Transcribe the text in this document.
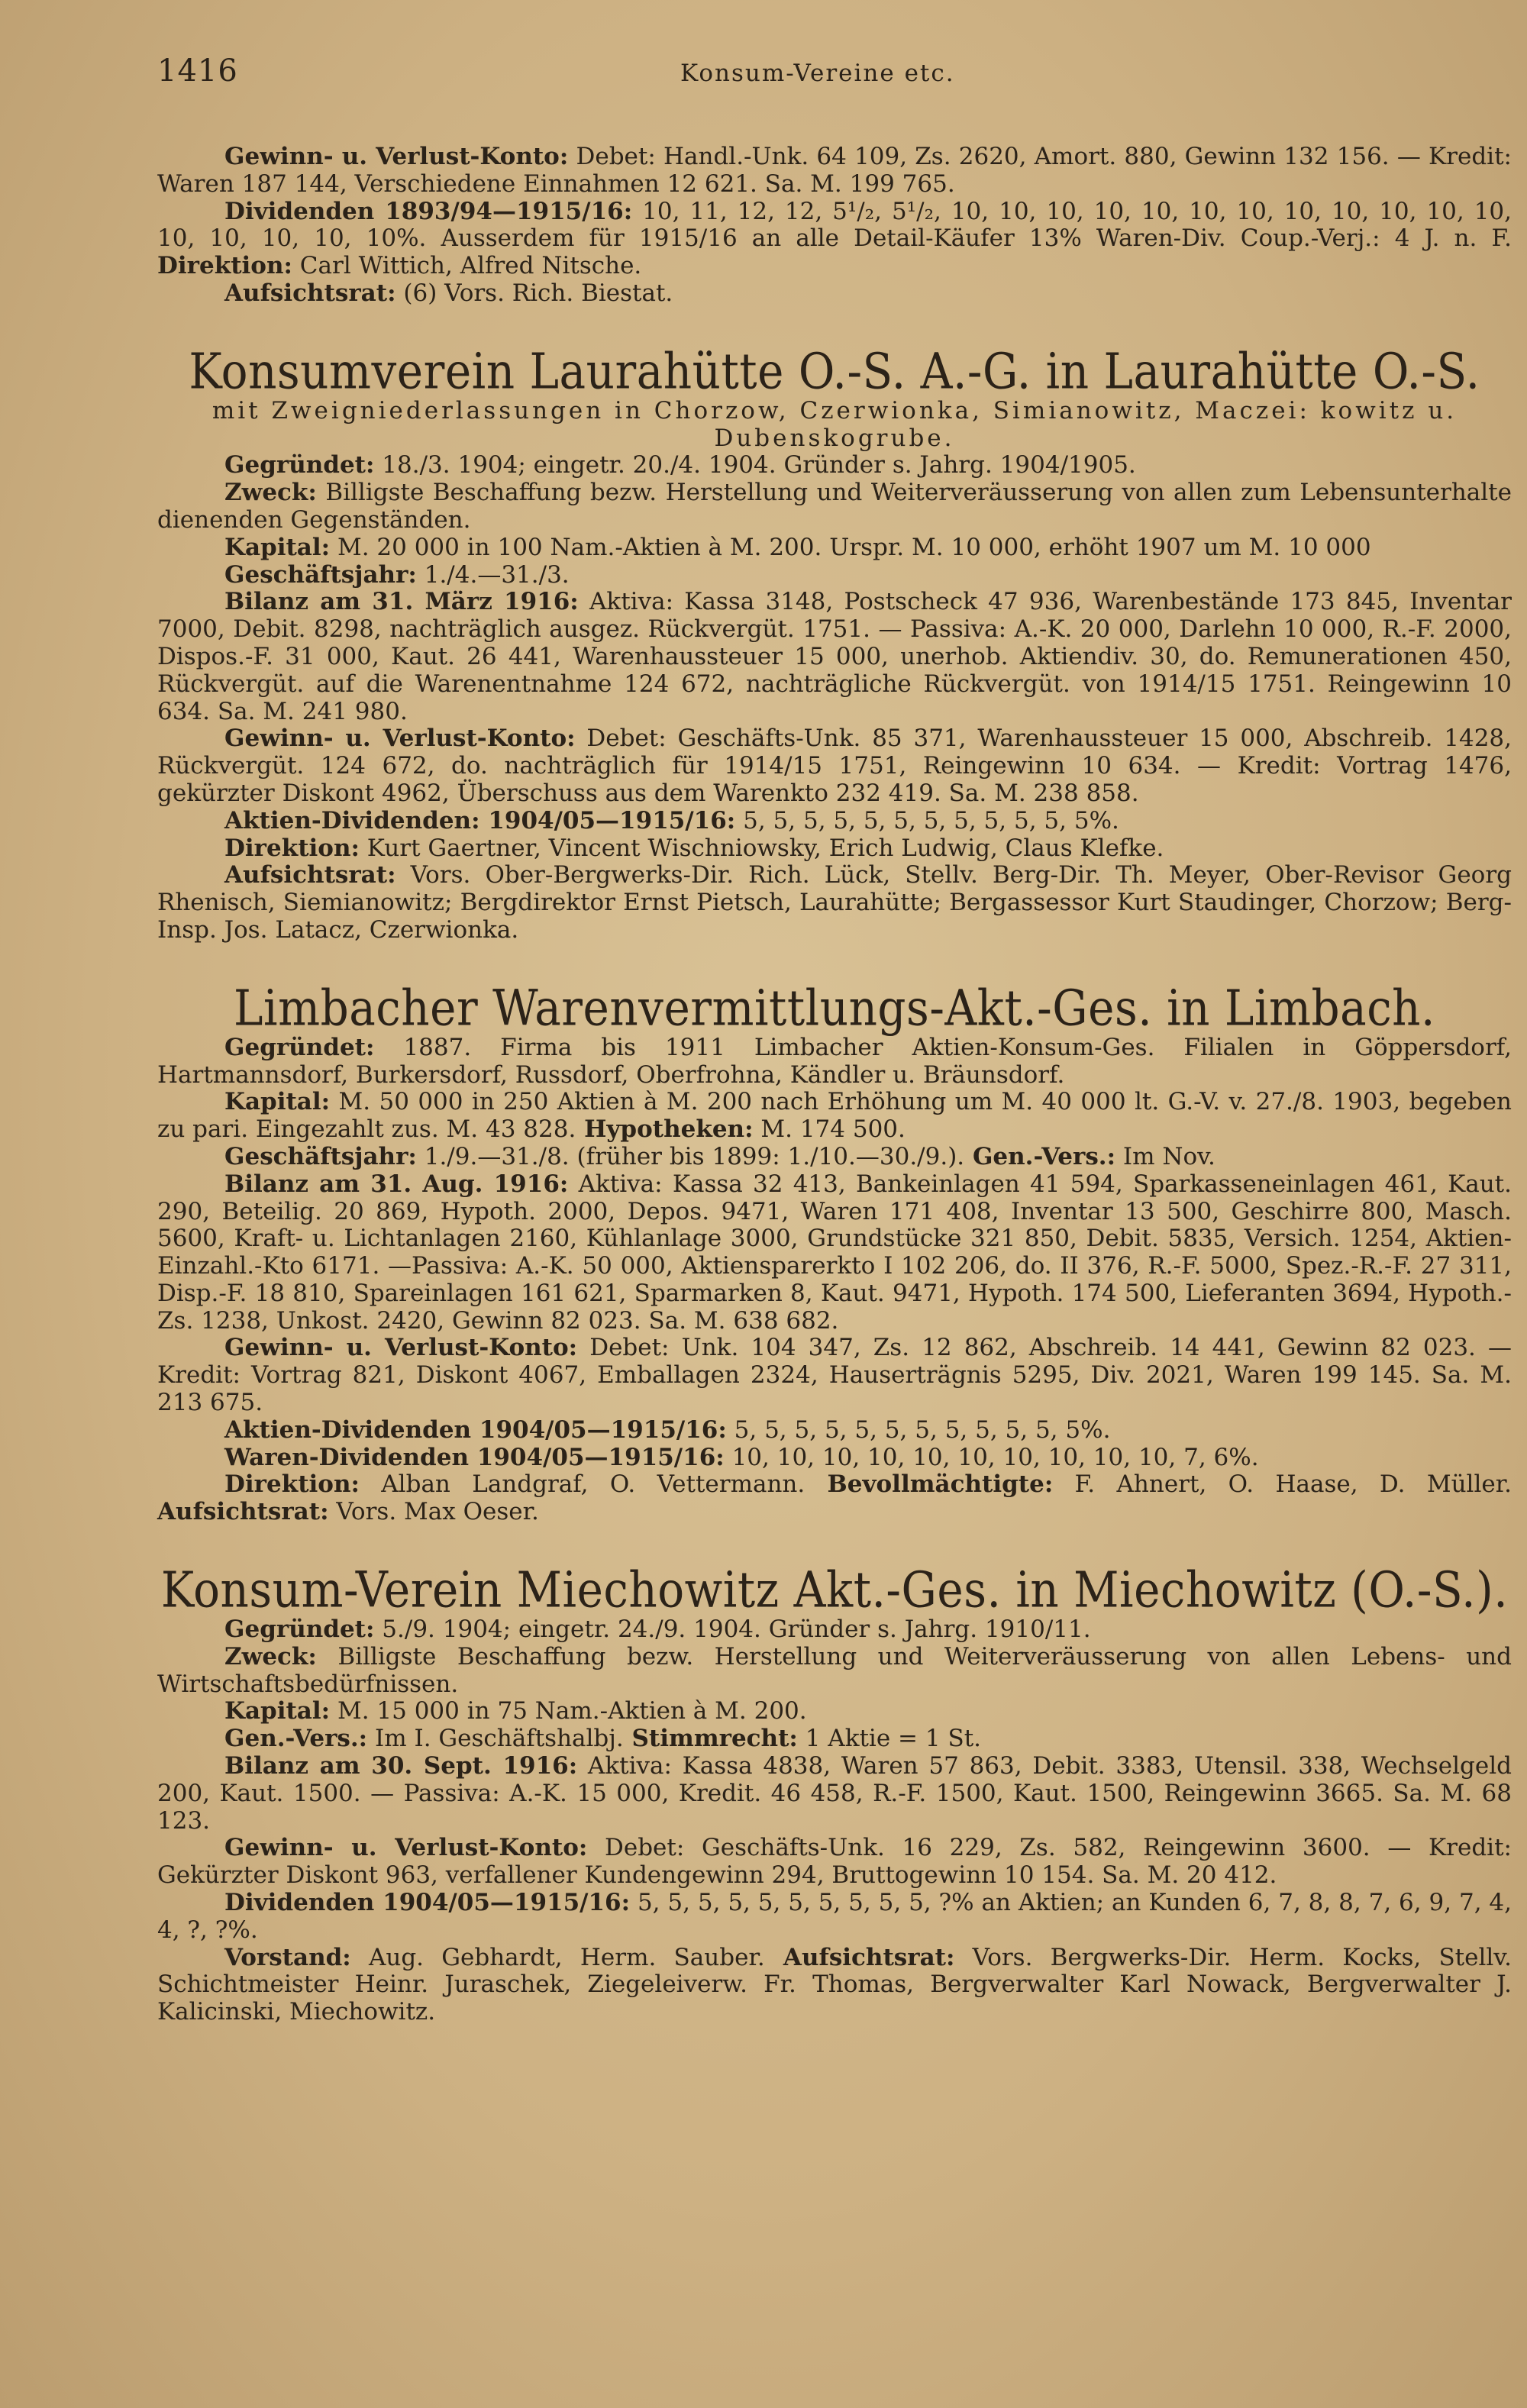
1416	Konsum-Vereine etc.

Gewinn- u. Verlust-Konto: Debet: Handl.-Unk. 64 109, Zs. 2620, Amort. 880, Gewinn 132 156. — Kredit: Waren 187 144, Verschiedene Einnahmen 12 621. Sa. M. 199 765.

Dividenden 1893/94—1915/16: 10, 11, 12, 12, 5¹/₂, 5¹/₂, 10, 10, 10, 10, 10, 10, 10, 10, 10, 10, 10, 10, 10, 10, 10, 10, 10%. Ausserdem für 1915/16 an alle Detail-Käufer 13% Waren-Div. Coup.-Verj.: 4 J. n. F. Direktion: Carl Wittich, Alfred Nitsche.

Aufsichtsrat: (6) Vors. Rich. Biestat.

Konsumverein Laurahütte O.-S. A.-G. in Laurahütte O.-S.
mit Zweigniederlassungen in Chorzow, Czerwionka, Simianowitz, Maczei: kowitz u. Dubenskogrube.

Gegründet: 18./3. 1904; eingetr. 20./4. 1904. Gründer s. Jahrg. 1904/1905.

Zweck: Billigste Beschaffung bezw. Herstellung und Weiterveräusserung von allen zum Lebensunterhalte dienenden Gegenständen.

Kapital: M. 20 000 in 100 Nam.-Aktien à M. 200. Urspr. M. 10 000, erhöht 1907 um M. 10 000

Geschäftsjahr: 1./4.—31./3.

Bilanz am 31. März 1916: Aktiva: Kassa 3148, Postscheck 47 936, Warenbestände 173 845, Inventar 7000, Debit. 8298, nachträglich ausgez. Rückvergüt. 1751. — Passiva: A.-K. 20 000, Darlehn 10 000, R.-F. 2000, Dispos.-F. 31 000, Kaut. 26 441, Warenhaussteuer 15 000, unerhob. Aktiendiv. 30, do. Remunerationen 450, Rückvergüt. auf die Warenentnahme 124 672, nachträgliche Rückvergüt. von 1914/15 1751. Reingewinn 10 634. Sa. M. 241 980.

Gewinn- u. Verlust-Konto: Debet: Geschäfts-Unk. 85 371, Warenhaussteuer 15 000, Abschreib. 1428, Rückvergüt. 124 672, do. nachträglich für 1914/15 1751, Reingewinn 10 634. — Kredit: Vortrag 1476, gekürzter Diskont 4962, Überschuss aus dem Warenkto 232 419. Sa. M. 238 858.

Aktien-Dividenden: 1904/05—1915/16: 5, 5, 5, 5, 5, 5, 5, 5, 5, 5, 5, 5%.

Direktion: Kurt Gaertner, Vincent Wischniowsky, Erich Ludwig, Claus Klefke.

Aufsichtsrat: Vors. Ober-Bergwerks-Dir. Rich. Lück, Stellv. Berg-Dir. Th. Meyer, Ober-Revisor Georg Rhenisch, Siemianowitz; Bergdirektor Ernst Pietsch, Laurahütte; Bergassessor Kurt Staudinger, Chorzow; Berg-Insp. Jos. Latacz, Czerwionka.

Limbacher Warenvermittlungs-Akt.-Ges. in Limbach.

Gegründet: 1887. Firma bis 1911 Limbacher Aktien-Konsum-Ges. Filialen in Göppersdorf, Hartmannsdorf, Burkersdorf, Russdorf, Oberfrohna, Kändler u. Bräunsdorf.

Kapital: M. 50 000 in 250 Aktien à M. 200 nach Erhöhung um M. 40 000 lt. G.-V. v. 27./8. 1903, begeben zu pari. Eingezahlt zus. M. 43 828. Hypotheken: M. 174 500.

Geschäftsjahr: 1./9.—31./8. (früher bis 1899: 1./10.—30./9.). Gen.-Vers.: Im Nov.

Bilanz am 31. Aug. 1916: Aktiva: Kassa 32 413, Bankeinlagen 41 594, Sparkasseneinlagen 461, Kaut. 290, Beteilig. 20 869, Hypoth. 2000, Depos. 9471, Waren 171 408, Inventar 13 500, Geschirre 800, Masch. 5600, Kraft- u. Lichtanlagen 2160, Kühlanlage 3000, Grundstücke 321 850, Debit. 5835, Versich. 1254, Aktien-Einzahl.-Kto 6171. —Passiva: A.-K. 50 000, Aktiensparerkto I 102 206, do. II 376, R.-F. 5000, Spez.-R.-F. 27 311, Disp.-F. 18 810, Spareinlagen 161 621, Sparmarken 8, Kaut. 9471, Hypoth. 174 500, Lieferanten 3694, Hypoth.-Zs. 1238, Unkost. 2420, Gewinn 82 023. Sa. M. 638 682.

Gewinn- u. Verlust-Konto: Debet: Unk. 104 347, Zs. 12 862, Abschreib. 14 441, Gewinn 82 023. — Kredit: Vortrag 821, Diskont 4067, Emballagen 2324, Hauserträgnis 5295, Div. 2021, Waren 199 145. Sa. M. 213 675.

Aktien-Dividenden 1904/05—1915/16: 5, 5, 5, 5, 5, 5, 5, 5, 5, 5, 5, 5%.

Waren-Dividenden 1904/05—1915/16: 10, 10, 10, 10, 10, 10, 10, 10, 10, 10, 7, 6%.

Direktion: Alban Landgraf, O. Vettermann. Bevollmächtigte: F. Ahnert, O. Haase, D. Müller. Aufsichtsrat: Vors. Max Oeser.

Konsum-Verein Miechowitz Akt.-Ges. in Miechowitz (O.-S.).

Gegründet: 5./9. 1904; eingetr. 24./9. 1904. Gründer s. Jahrg. 1910/11.

Zweck: Billigste Beschaffung bezw. Herstellung und Weiterveräusserung von allen Lebens- und Wirtschaftsbedürfnissen.

Kapital: M. 15 000 in 75 Nam.-Aktien à M. 200.

Gen.-Vers.: Im I. Geschäftshalbj. Stimmrecht: 1 Aktie = 1 St.

Bilanz am 30. Sept. 1916: Aktiva: Kassa 4838, Waren 57 863, Debit. 3383, Utensil. 338, Wechselgeld 200, Kaut. 1500. — Passiva: A.-K. 15 000, Kredit. 46 458, R.-F. 1500, Kaut. 1500, Reingewinn 3665. Sa. M. 68 123.

Gewinn- u. Verlust-Konto: Debet: Geschäfts-Unk. 16 229, Zs. 582, Reingewinn 3600. — Kredit: Gekürzter Diskont 963, verfallener Kundengewinn 294, Bruttogewinn 10 154. Sa. M. 20 412.

Dividenden 1904/05—1915/16: 5, 5, 5, 5, 5, 5, 5, 5, 5, 5, ?% an Aktien; an Kunden 6, 7, 8, 8, 7, 6, 9, 7, 4, 4, ?, ?%.

Vorstand: Aug. Gebhardt, Herm. Sauber. Aufsichtsrat: Vors. Bergwerks-Dir. Herm. Kocks, Stellv. Schichtmeister Heinr. Juraschek, Ziegeleiverw. Fr. Thomas, Bergverwalter Karl Nowack, Bergverwalter J. Kalicinski, Miechowitz.
